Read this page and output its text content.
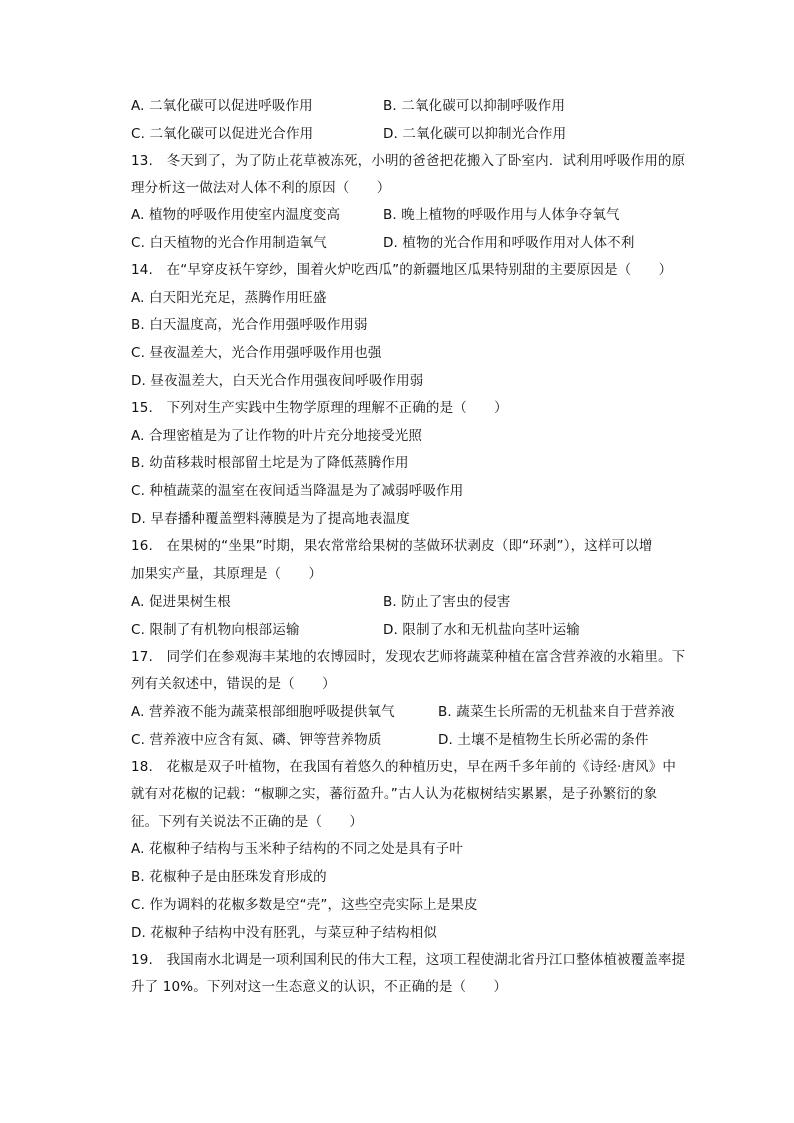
A. 二氧化碳可以促进呼吸作用	B. 二氧化碳可以抑制呼吸作用
C. 二氧化碳可以促进光合作用	D. 二氧化碳可以抑制光合作用
13.　冬天到了，为了防止花草被冻死，小明的爸爸把花搬入了卧室内．试利用呼吸作用的原
理分析这一做法对人体不利的原因（　　）
A. 植物的呼吸作用使室内温度变高	B. 晚上植物的呼吸作用与人体争夺氧气
C. 白天植物的光合作用制造氧气	D. 植物的光合作用和呼吸作用对人体不利
14.　在“早穿皮袄午穿纱，围着火炉吃西瓜”的新疆地区瓜果特别甜的主要原因是（　　）
A. 白天阳光充足，蒸腾作用旺盛
B. 白天温度高，光合作用强呼吸作用弱
C. 昼夜温差大，光合作用强呼吸作用也强
D. 昼夜温差大，白天光合作用强夜间呼吸作用弱
15.　下列对生产实践中生物学原理的理解不正确的是（　　）
A. 合理密植是为了让作物的叶片充分地接受光照
B. 幼苗移栽时根部留土坨是为了降低蒸腾作用
C. 种植蔬菜的温室在夜间适当降温是为了减弱呼吸作用
D. 早春播种覆盖塑料薄膜是为了提高地表温度
16.　在果树的“坐果”时期，果农常常给果树的茎做环状剥皮（即“环剥”），这样可以增
加果实产量，其原理是（　　）
A. 促进果树生根	B. 防止了害虫的侵害
C. 限制了有机物向根部运输	D. 限制了水和无机盐向茎叶运输
17.　同学们在参观海丰某地的农博园时，发现农艺师将蔬菜种植在富含营养液的水箱里。下
列有关叙述中，错误的是（　　）
A. 营养液不能为蔬菜根部细胞呼吸提供氧气	B. 蔬菜生长所需的无机盐来自于营养液
C. 营养液中应含有氮、磷、钾等营养物质	D. 土壤不是植物生长所必需的条件
18.　花椒是双子叶植物，在我国有着悠久的种植历史，早在两千多年前的《诗经·唐风》中
就有对花椒的记载：“椒聊之实，蕃衍盈升。”古人认为花椒树结实累累，是子孙繁衍的象
征。下列有关说法不正确的是（　　）
A. 花椒种子结构与玉米种子结构的不同之处是具有子叶
B. 花椒种子是由胚珠发育形成的
C. 作为调料的花椒多数是空“壳”，这些空壳实际上是果皮
D. 花椒种子结构中没有胚乳，与菜豆种子结构相似
19.　我国南水北调是一项利国利民的伟大工程，这项工程使湖北省丹江口整体植被覆盖率提
升了 10%。下列对这一生态意义的认识，不正确的是（　　）
